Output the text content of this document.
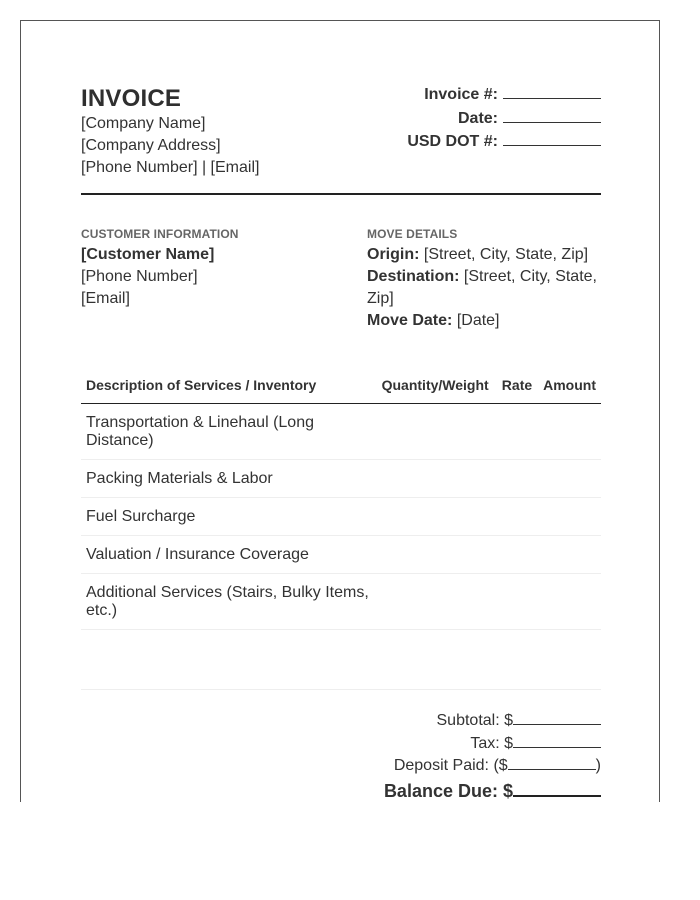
INVOICE
[Company Name]
[Company Address]
[Phone Number] | [Email]
Invoice #:
Date:
USD DOT #:
CUSTOMER INFORMATION
[Customer Name]
[Phone Number]
[Email]
MOVE DETAILS
Origin: [Street, City, State, Zip]
Destination: [Street, City, State, Zip]
Move Date: [Date]
Description of Services / Inventory	Quantity/Weight	Rate	Amount
Transportation & Linehaul (Long Distance)			
Packing Materials & Labor			
Fuel Surcharge			
Valuation / Insurance Coverage			
Additional Services (Stairs, Bulky Items, etc.)			

Subtotal: $
Tax: $
Deposit Paid: ($	)
Balance Due: $
